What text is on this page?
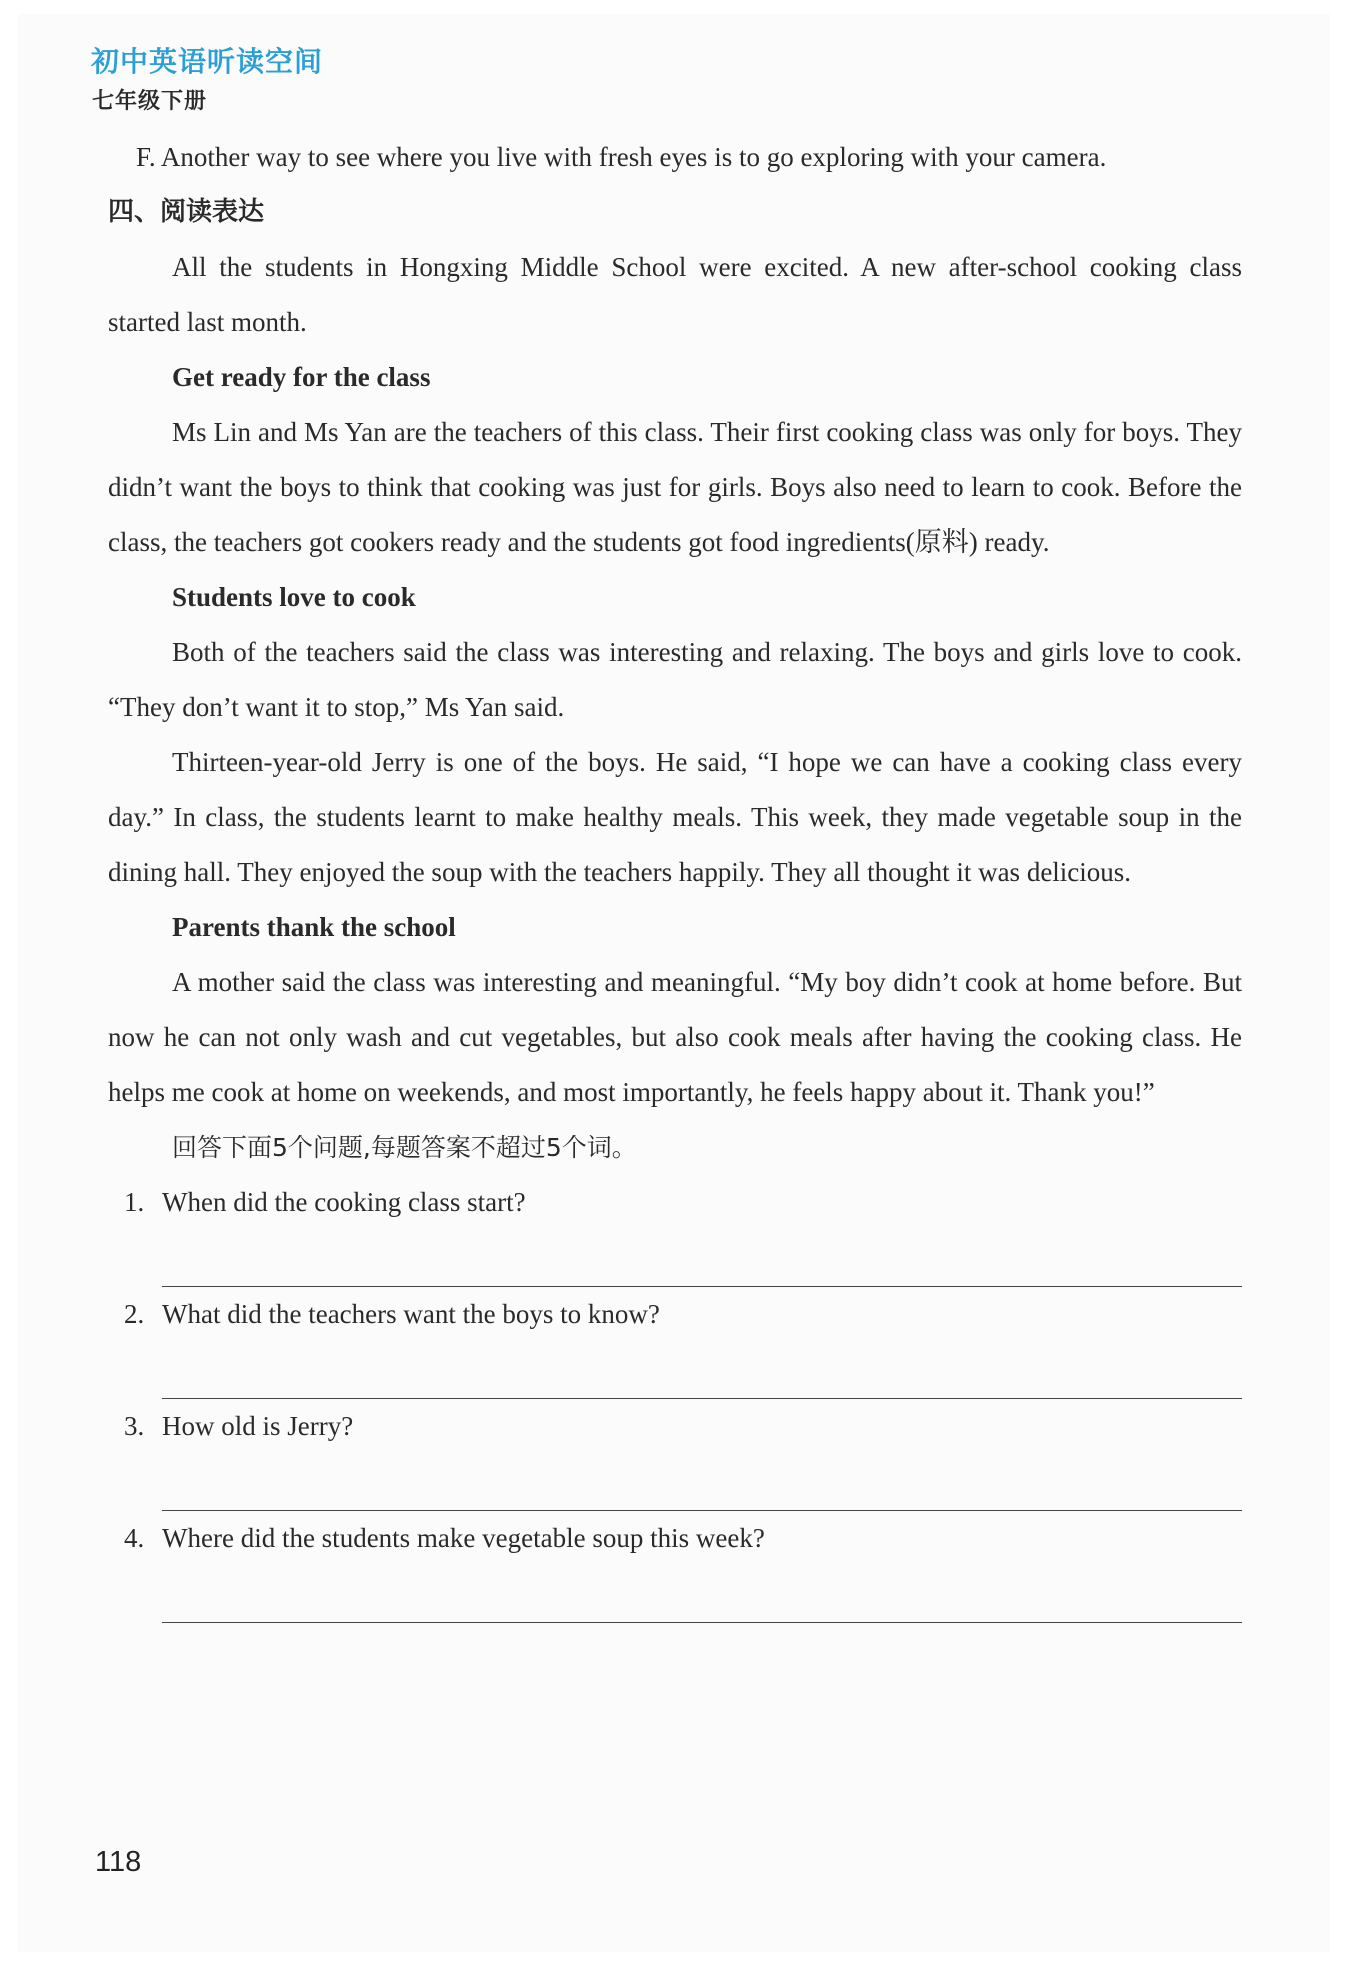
初中英语听读空间
七年级下册

F. Another way to see where you live with fresh eyes is to go exploring with your camera.

四、阅读表达

All the students in Hongxing Middle School were excited. A new after-school cooking class started last month.

Get ready for the class

Ms Lin and Ms Yan are the teachers of this class. Their first cooking class was only for boys. They didn’t want the boys to think that cooking was just for girls. Boys also need to learn to cook. Before the class, the teachers got cookers ready and the students got food ingredients(原料) ready.

Students love to cook

Both of the teachers said the class was interesting and relaxing. The boys and girls love to cook. “They don’t want it to stop,” Ms Yan said.

Thirteen-year-old Jerry is one of the boys. He said, “I hope we can have a cooking class every day.” In class, the students learnt to make healthy meals. This week, they made vegetable soup in the dining hall. They enjoyed the soup with the teachers happily. They all thought it was delicious.

Parents thank the school

A mother said the class was interesting and meaningful. “My boy didn’t cook at home before. But now he can not only wash and cut vegetables, but also cook meals after having the cooking class. He helps me cook at home on weekends, and most importantly, he feels happy about it. Thank you!”

回答下面5个问题,每题答案不超过5个词。

1. When did the cooking class start?
2. What did the teachers want the boys to know?
3. How old is Jerry?
4. Where did the students make vegetable soup this week?
118
